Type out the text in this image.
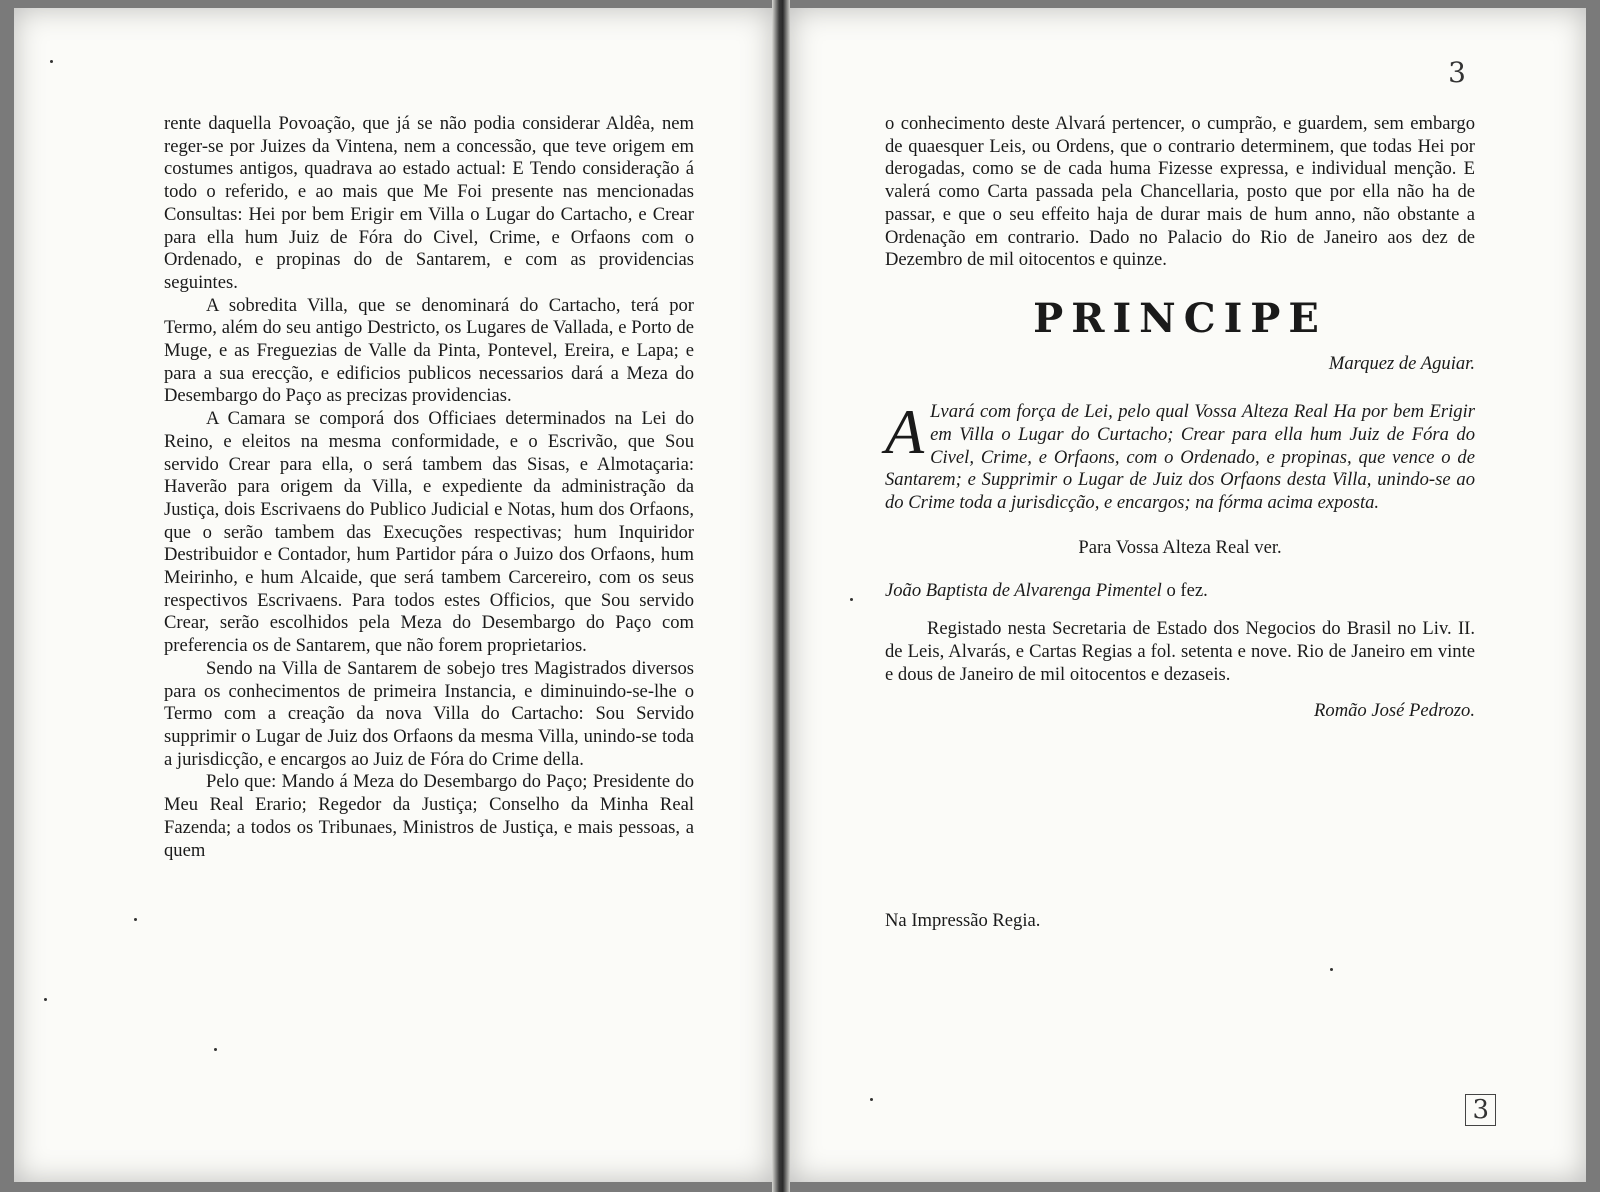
rente daquella Povoação, que já se não podia considerar Aldêa, nem reger-se por Juizes da Vintena, nem a concessão, que teve origem em costumes antigos, quadrava ao estado actual: E Tendo consideração á todo o referido, e ao mais que Me Foi presente nas mencionadas Consultas: Hei por bem Erigir em Villa o Lugar do Cartacho, e Crear para ella hum Juiz de Fóra do Civel, Crime, e Orfaons com o Ordenado, e propinas do de Santarem, e com as providencias seguintes.

A sobredita Villa, que se denominará do Cartacho, terá por Termo, além do seu antigo Destricto, os Lugares de Vallada, e Porto de Muge, e as Freguezias de Valle da Pinta, Pontevel, Ereira, e Lapa; e para a sua erecção, e edificios publicos necessarios dará a Meza do Desembargo do Paço as precizas providencias.

A Camara se comporá dos Officiaes determinados na Lei do Reino, e eleitos na mesma conformidade, e o Escrivão, que Sou servido Crear para ella, o será tambem das Sisas, e Almotaçaria: Haverão para origem da Villa, e expediente da administração da Justiça, dois Escrivaens do Publico Judicial e Notas, hum dos Orfaons, que o serão tambem das Execuções respectivas; hum Inquiridor Destribuidor e Contador, hum Partidor pára o Juizo dos Orfaons, hum Meirinho, e hum Alcaide, que será tambem Carcereiro, com os seus respectivos Escrivaens. Para todos estes Officios, que Sou servido Crear, serão escolhidos pela Meza do Desembargo do Paço com preferencia os de Santarem, que não forem proprietarios.

Sendo na Villa de Santarem de sobejo tres Magistrados diversos para os conhecimentos de primeira Instancia, e diminuindo-se-lhe o Termo com a creação da nova Villa do Cartacho: Sou Servido supprimir o Lugar de Juiz dos Orfaons da mesma Villa, unindo-se toda a jurisdicção, e encargos ao Juiz de Fóra do Crime della.

Pelo que: Mando á Meza do Desembargo do Paço; Presidente do Meu Real Erario; Regedor da Justiça; Conselho da Minha Real Fazenda; a todos os Tribunaes, Ministros de Justiça, e mais pessoas, a quem

3

o conhecimento deste Alvará pertencer, o cumprão, e guardem, sem embargo de quaesquer Leis, ou Ordens, que o contrario determinem, que todas Hei por derogadas, como se de cada huma Fizesse expressa, e individual menção. E valerá como Carta passada pela Chancellaria, posto que por ella não ha de passar, e que o seu effeito haja de durar mais de hum anno, não obstante a Ordenação em contrario. Dado no Palacio do Rio de Janeiro aos dez de Dezembro de mil oitocentos e quinze.

PRINCIPE

Marquez de Aguiar.

A Lvará com força de Lei, pelo qual Vossa Alteza Real Ha por bem Erigir em Villa o Lugar do Curtacho; Crear para ella hum Juiz de Fóra do Civel, Crime, e Orfaons, com o Ordenado, e propinas, que vence o de Santarem; e Supprimir o Lugar de Juiz dos Orfaons desta Villa, unindo-se ao do Crime toda a jurisdicção, e encargos; na fórma acima exposta.

Para Vossa Alteza Real ver.

João Baptista de Alvarenga Pimentel o fez.

Registado nesta Secretaria de Estado dos Negocios do Brasil no Liv. II. de Leis, Alvarás, e Cartas Regias a fol. setenta e nove. Rio de Janeiro em vinte e dous de Janeiro de mil oitocentos e dezaseis.

Romão José Pedrozo.

Na Impressão Regia.
3
